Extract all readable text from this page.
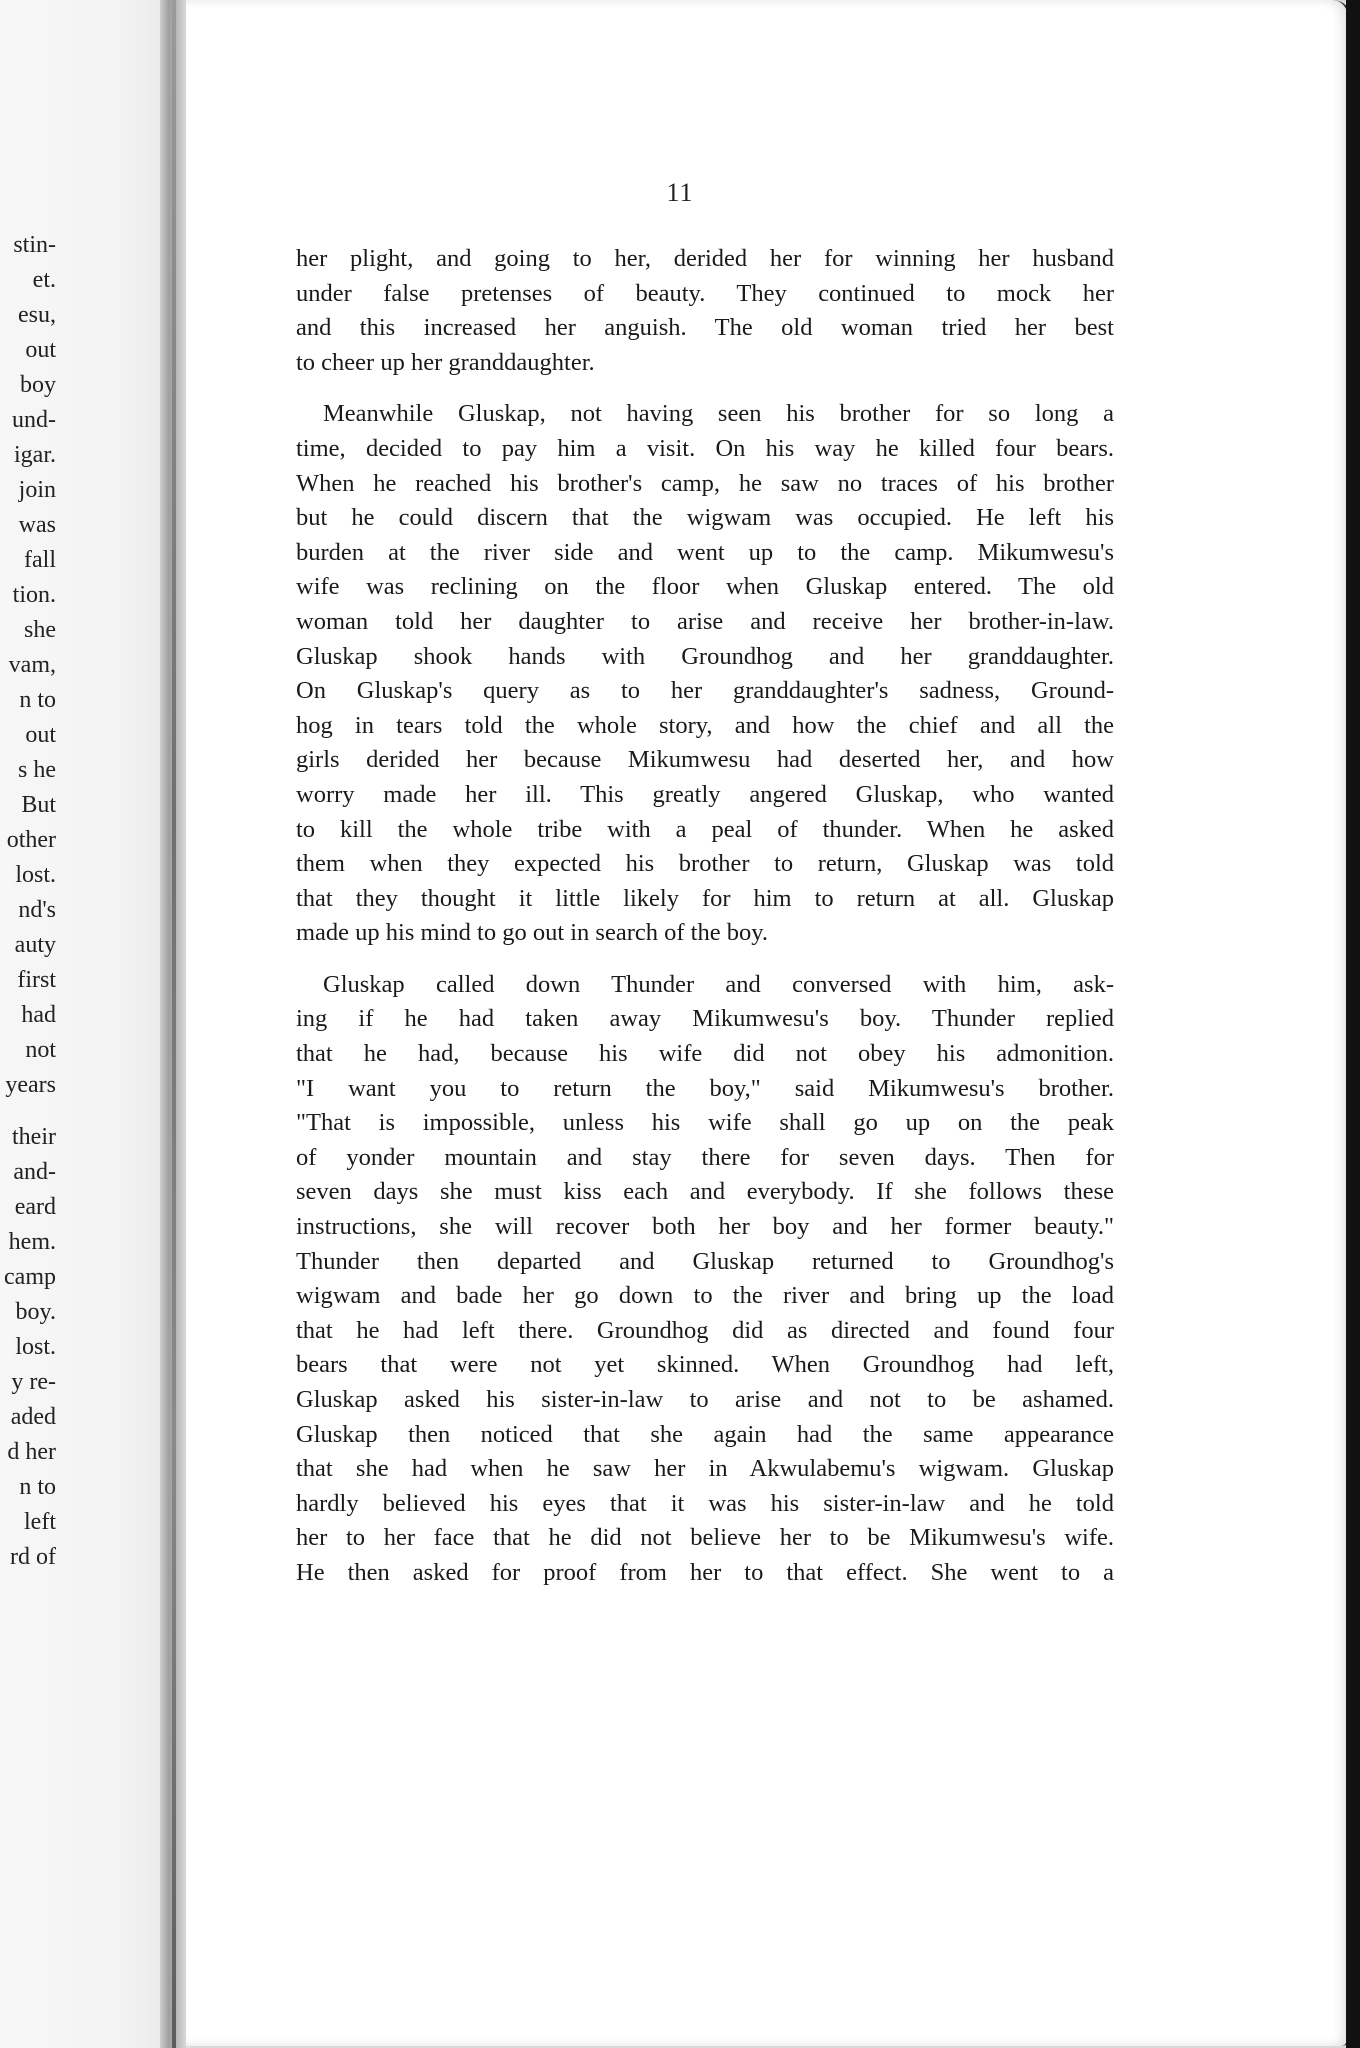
stin-
et.
esu,
out
boy
und-
igar.
join
was
fall
tion.
she
vam,
n to
out
s he
But
other
lost.
nd's
auty
first
had
not
years
their
and-
eard
hem.
camp
boy.
lost.
y re-
aded
d her
n to
left
rd of
11
her plight, and going to her, derided her for winning her husband
under false pretenses of beauty. They continued to mock her
and this increased her anguish. The old woman tried her best
to cheer up her granddaughter.
Meanwhile Gluskap, not having seen his brother for so long a
time, decided to pay him a visit. On his way he killed four bears.
When he reached his brother's camp, he saw no traces of his brother
but he could discern that the wigwam was occupied. He left his
burden at the river side and went up to the camp. Mikumwesu's
wife was reclining on the floor when Gluskap entered. The old
woman told her daughter to arise and receive her brother-in-law.
Gluskap shook hands with Groundhog and her granddaughter.
On Gluskap's query as to her granddaughter's sadness, Ground-
hog in tears told the whole story, and how the chief and all the
girls derided her because Mikumwesu had deserted her, and how
worry made her ill. This greatly angered Gluskap, who wanted
to kill the whole tribe with a peal of thunder. When he asked
them when they expected his brother to return, Gluskap was told
that they thought it little likely for him to return at all. Gluskap
made up his mind to go out in search of the boy.
Gluskap called down Thunder and conversed with him, ask-
ing if he had taken away Mikumwesu's boy. Thunder replied
that he had, because his wife did not obey his admonition.
"I want you to return the boy," said Mikumwesu's brother.
"That is impossible, unless his wife shall go up on the peak
of yonder mountain and stay there for seven days. Then for
seven days she must kiss each and everybody. If she follows these
instructions, she will recover both her boy and her former beauty."
Thunder then departed and Gluskap returned to Groundhog's
wigwam and bade her go down to the river and bring up the load
that he had left there. Groundhog did as directed and found four
bears that were not yet skinned. When Groundhog had left,
Gluskap asked his sister-in-law to arise and not to be ashamed.
Gluskap then noticed that she again had the same appearance
that she had when he saw her in Akwulabemu's wigwam. Gluskap
hardly believed his eyes that it was his sister-in-law and he told
her to her face that he did not believe her to be Mikumwesu's wife.
He then asked for proof from her to that effect. She went to a
